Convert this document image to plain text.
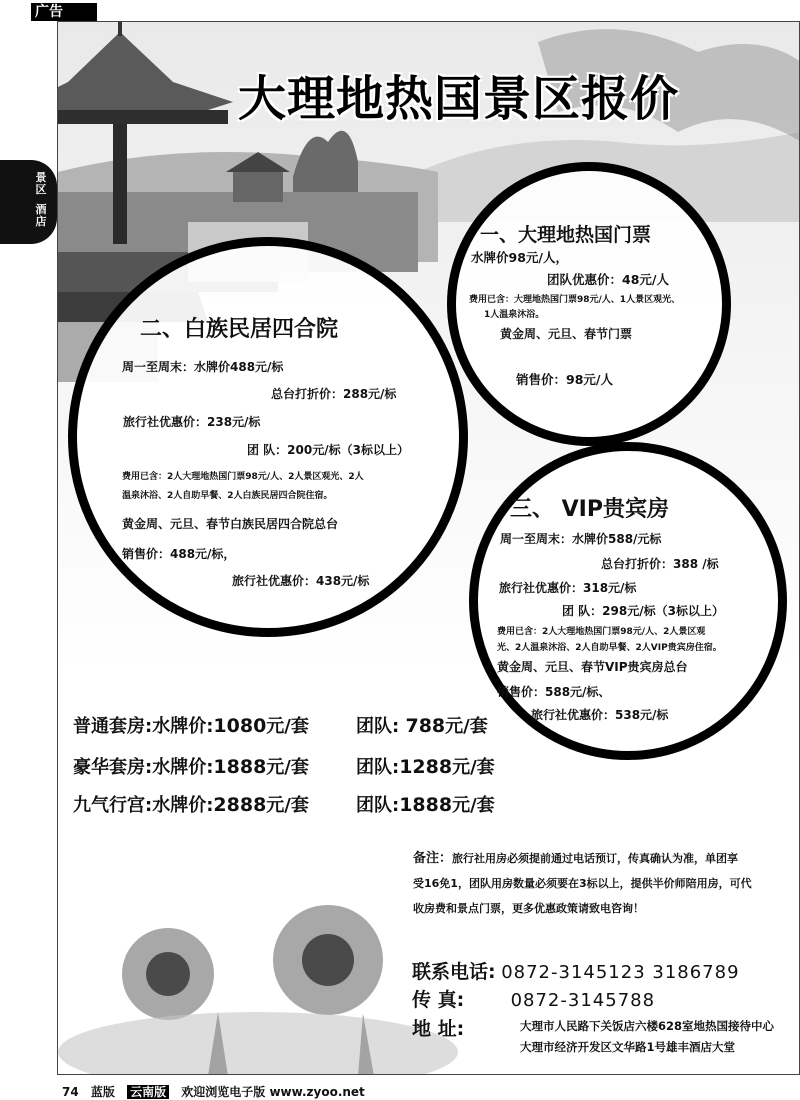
广告
景区
酒店
大理地热国景区报价
一、大理地热国门票
水牌价98元/人，
团队优惠价：48元/人
费用已含：大理地热国门票98元/人、1人景区观光、
1人温泉沐浴。
黄金周、元旦、春节门票
销售价：98元/人
二、白族民居四合院
周一至周末：水牌价488元/标
总台打折价：288元/标
旅行社优惠价：238元/标
团 队：200元/标（3标以上）
费用已含：2人大理地热国门票98元/人、2人景区观光、2人
温泉沐浴、2人自助早餐、2人白族民居四合院住宿。
黄金周、元旦、春节白族民居四合院总台
销售价：488元/标，
旅行社优惠价：438元/标
三、 VIP贵宾房
周一至周末：水牌价588/元标
总台打折价：388 /标
旅行社优惠价：318元/标
团 队：298元/标（3标以上）
费用已含：2人大理地热国门票98元/人、2人景区观
光、2人温泉沐浴、2人自助早餐、2人VIP贵宾房住宿。
黄金周、元旦、春节VIP贵宾房总台
销售价：588元/标、
旅行社优惠价：538元/标
普通套房:水牌价:1080元/套	团队: 788元/套
豪华套房:水牌价:1888元/套	团队:1288元/套
九气行宫:水牌价:2888元/套	团队:1888元/套
备注：旅行社用房必须提前通过电话预订，传真确认为准，单团享
受16免1，团队用房数量必须要在3标以上，提供半价师陪用房，可代
收房费和景点门票，更多优惠政策请致电咨询！
联系电话: 0872-3145123 3186789
传 真:	0872-3145788
地 址:	大理市人民路下关饭店六楼628室地热国接待中心
大理市经济开发区文华路1号雄丰酒店大堂
74 蓝版 云南版 欢迎浏览电子版 www.zyoo.net
